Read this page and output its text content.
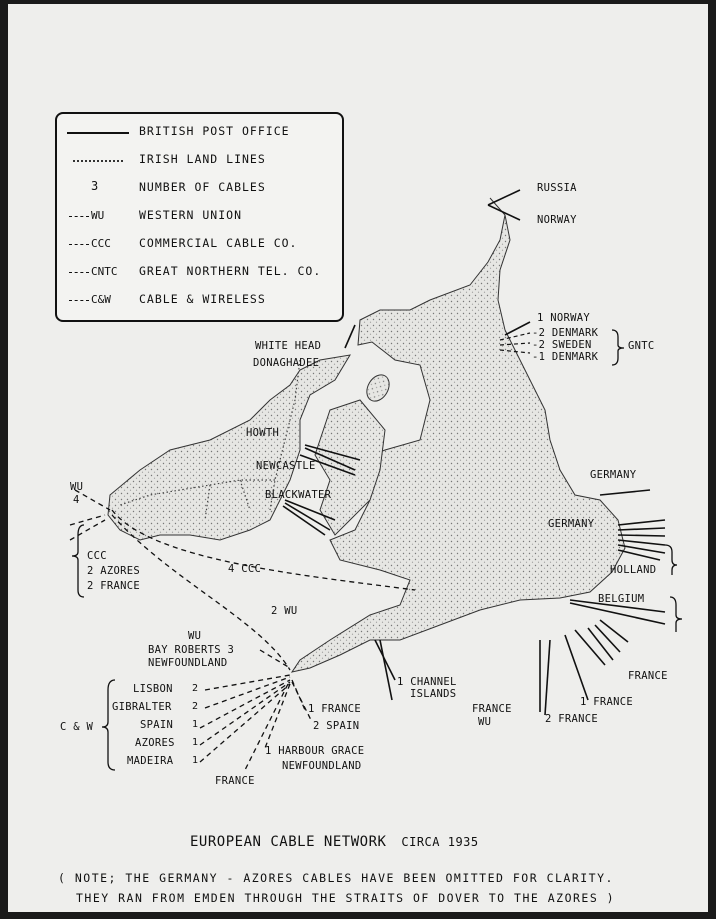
BRITISH POST OFFICE
IRISH LAND LINES
3	NUMBER OF CABLES
WU	WESTERN UNION
CCC COMMERCIAL CABLE CO.
CNTC GREAT NORTHERN TEL. CO.
C&W CABLE & WIRELESS
RUSSIA
NORWAY
1 NORWAY
-2 DENMARK
-2 SWEDEN
-1 DENMARK
GNTC
WHITE HEAD
DONAGHADEE
HOWTH
NEWCASTLE
BLACKWATER
GERMANY
GERMANY
HOLLAND
BELGIUM
FRANCE
1 FRANCE
2 FRANCE
FRANCE
WU
1 CHANNEL
ISLANDS
WU
4
CCC
2 AZORES
2 FRANCE
4 CCC
2 WU
WU
BAY ROBERTS 3
NEWFOUNDLAND
LISBON 2
GIBRALTER 2
SPAIN 1
AZORES 1
MADEIRA 1
C & W
1 FRANCE
2 SPAIN
1 HARBOUR GRACE
NEWFOUNDLAND
FRANCE
EUROPEAN CABLE NETWORK CIRCA 1935
( NOTE; THE GERMANY - AZORES CABLES HAVE BEEN OMITTED FOR CLARITY.
THEY RAN FROM EMDEN THROUGH THE STRAITS OF DOVER TO THE AZORES )
